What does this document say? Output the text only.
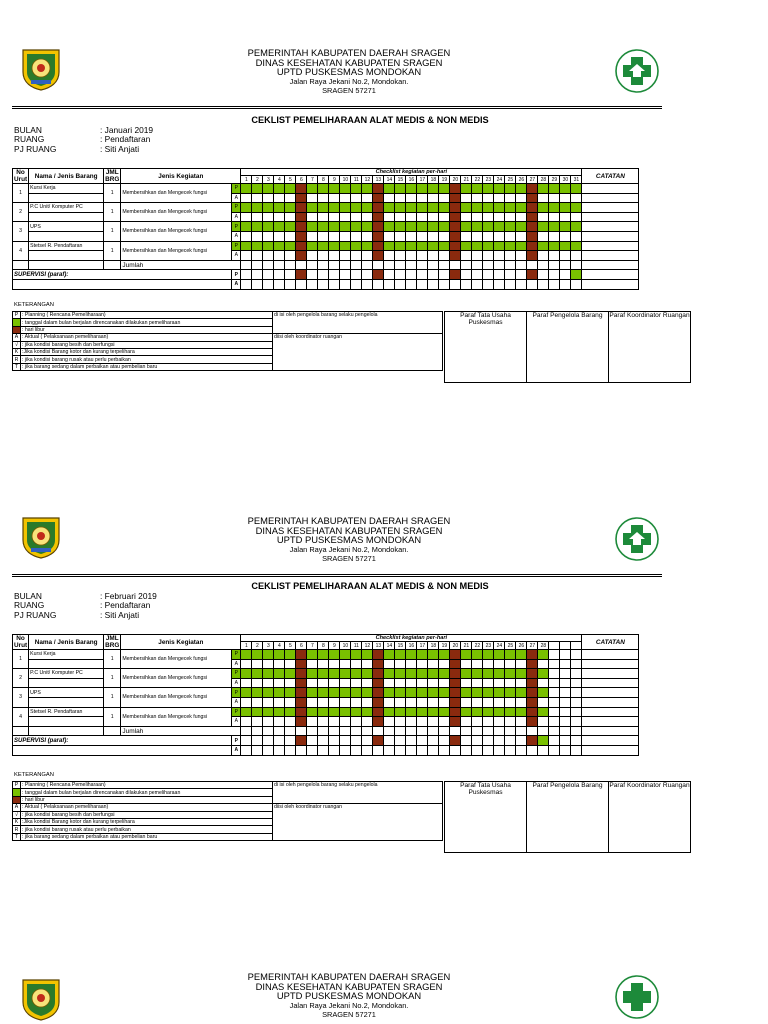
PEMERINTAH KABUPATEN DAERAH SRAGEN
DINAS KESEHATAN KABUPATEN SRAGEN
UPTD PUSKESMAS MONDOKAN
Jalan Raya Jekani No.2, Mondokan.
SRAGEN 57271
CEKLIST PEMELIHARAAN ALAT MEDIS & NON MEDIS
BULAN	: Januari 2019
RUANG	: Pendaftaran
PJ RUANG	: Siti Anjati
No Urut	Nama / Jenis Barang	JML BRG	Jenis Kegiatan		Checklist kegiatan per-hari																															CATATAN
					1	2	3	4	5	6	7	8	9	10	11	12	13	14	15	16	17	18	19	20	21	22	23	24	25	26	27	28	29	30	31	
1	Kursi Kerja	1	Membersihkan dan Mengecek fungsi	P																																
				A																																
2	P.C Unit/ Komputer PC	1	Membersihkan dan Mengecek fungsi	P																																
				A																																
3	UPS	1	Membersihkan dan Mengecek fungsi	P																																
				A																																
4	Stetsel R. Pendaftaran	1	Membersihkan dan Mengecek fungsi	P																																
				A																																
			Jumlah																																	
SUPERVISI (paraf):				P																																
				A																																
KETERANGAN
P	: Planning ( Rencana Pemeliharaan)	di isi oleh pengelola barang selaku pengelola
	: tanggal dalam bulan berjalan direncanakan dilakukan pemeliharaan	
	: hari libur	
A	: Aktual ( Pelaksanaan pemeliharaan)	diisi oleh koordinator ruangan
√	: jika kondisi barang besih dan berfungsi	
K	:Jika kondisi Barang kotor dan kurang terpelihara	
R	: jika kondisi barang rusak atau perlu perbaikan	
T	: jika barang sedang dalam perbaikan atau pembelian baru	
Paraf Tata Usaha Puskesmas	Paraf Pengelola Barang	Paraf Koordinator Ruangan

PEMERINTAH KABUPATEN DAERAH SRAGEN
DINAS KESEHATAN KABUPATEN SRAGEN
UPTD PUSKESMAS MONDOKAN
Jalan Raya Jekani No.2, Mondokan.
SRAGEN 57271
CEKLIST PEMELIHARAAN ALAT MEDIS & NON MEDIS
BULAN	: Februari 2019
RUANG	: Pendaftaran
PJ RUANG	: Siti Anjati
No Urut	Nama / Jenis Barang	JML BRG	Jenis Kegiatan		Checklist kegiatan per-hari																															CATATAN
					1	2	3	4	5	6	7	8	9	10	11	12	13	14	15	16	17	18	19	20	21	22	23	24	25	26	27	28				
1	Kursi Kerja	1	Membersihkan dan Mengecek fungsi	P																																
				A																																
2	P.C Unit/ Komputer PC	1	Membersihkan dan Mengecek fungsi	P																																
				A																																
3	UPS	1	Membersihkan dan Mengecek fungsi	P																																
				A																																
4	Stetsel R. Pendaftaran	1	Membersihkan dan Mengecek fungsi	P																																
				A																																
			Jumlah																																	
SUPERVISI (paraf):				P																																
				A																																
KETERANGAN
P	: Planning ( Rencana Pemeliharaan)	di isi oleh pengelola barang selaku pengelola
	: tanggal dalam bulan berjalan direncanakan dilakukan pemeliharaan	
	: hari libur	
A	: Aktual ( Pelaksanaan pemeliharaan)	diisi oleh koordinator ruangan
√	: jika kondisi barang besih dan berfungsi	
K	:Jika kondisi Barang kotor dan kurang terpelihara	
R	: jika kondisi barang rusak atau perlu perbaikan	
T	: jika barang sedang dalam perbaikan atau pembelian baru	
Paraf Tata Usaha Puskesmas	Paraf Pengelola Barang	Paraf Koordinator Ruangan

PEMERINTAH KABUPATEN DAERAH SRAGEN
DINAS KESEHATAN KABUPATEN SRAGEN
UPTD PUSKESMAS MONDOKAN
Jalan Raya Jekani No.2, Mondokan.
SRAGEN 57271
